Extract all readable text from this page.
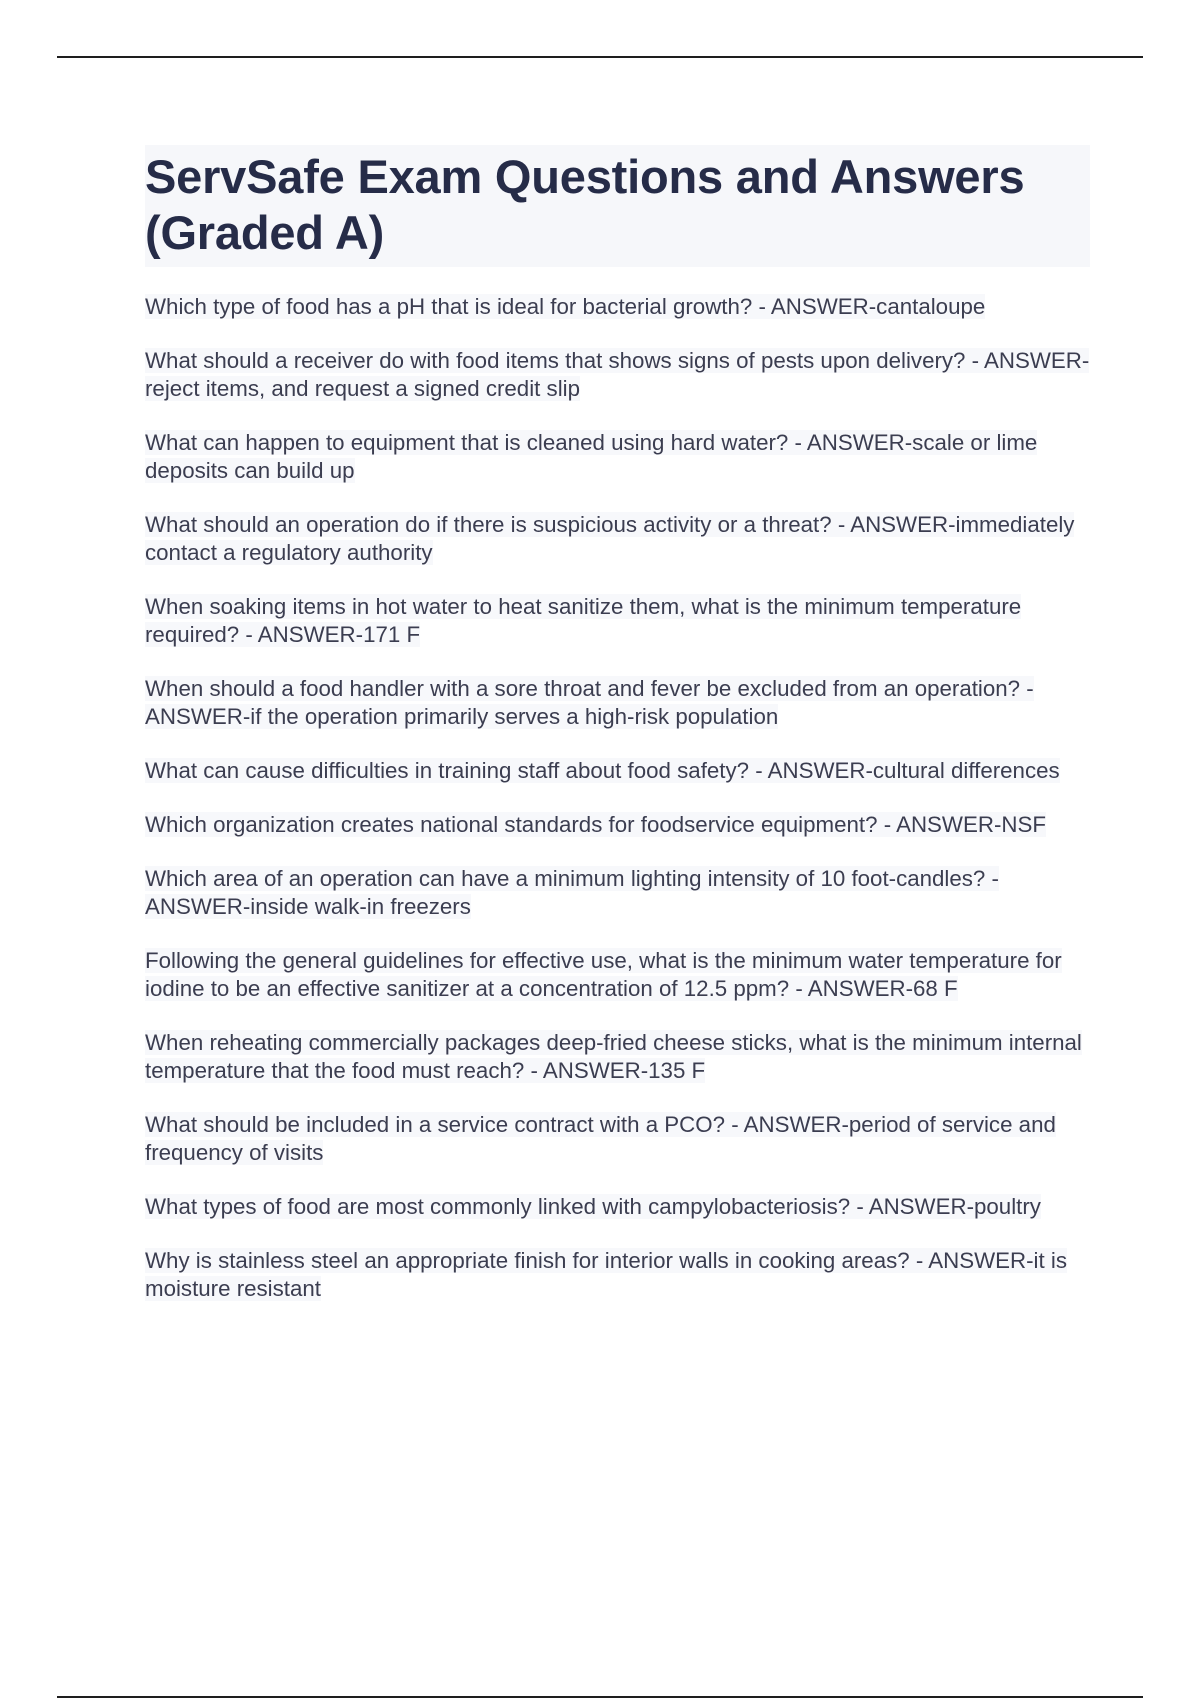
ServSafe Exam Questions and Answers (Graded A)
Which type of food has a pH that is ideal for bacterial growth? - ANSWER-cantaloupe
What should a receiver do with food items that shows signs of pests upon delivery? - ANSWER-reject items, and request a signed credit slip
What can happen to equipment that is cleaned using hard water? - ANSWER-scale or lime deposits can build up
What should an operation do if there is suspicious activity or a threat? - ANSWER-immediately contact a regulatory authority
When soaking items in hot water to heat sanitize them, what is the minimum temperature required? - ANSWER-171 F
When should a food handler with a sore throat and fever be excluded from an operation? - ANSWER-if the operation primarily serves a high-risk population
What can cause difficulties in training staff about food safety? - ANSWER-cultural differences
Which organization creates national standards for foodservice equipment? - ANSWER-NSF
Which area of an operation can have a minimum lighting intensity of 10 foot-candles? - ANSWER-inside walk-in freezers
Following the general guidelines for effective use, what is the minimum water temperature for iodine to be an effective sanitizer at a concentration of 12.5 ppm? - ANSWER-68 F
When reheating commercially packages deep-fried cheese sticks, what is the minimum internal temperature that the food must reach? - ANSWER-135 F
What should be included in a service contract with a PCO? - ANSWER-period of service and frequency of visits
What types of food are most commonly linked with campylobacteriosis? - ANSWER-poultry
Why is stainless steel an appropriate finish for interior walls in cooking areas? - ANSWER-it is moisture resistant
